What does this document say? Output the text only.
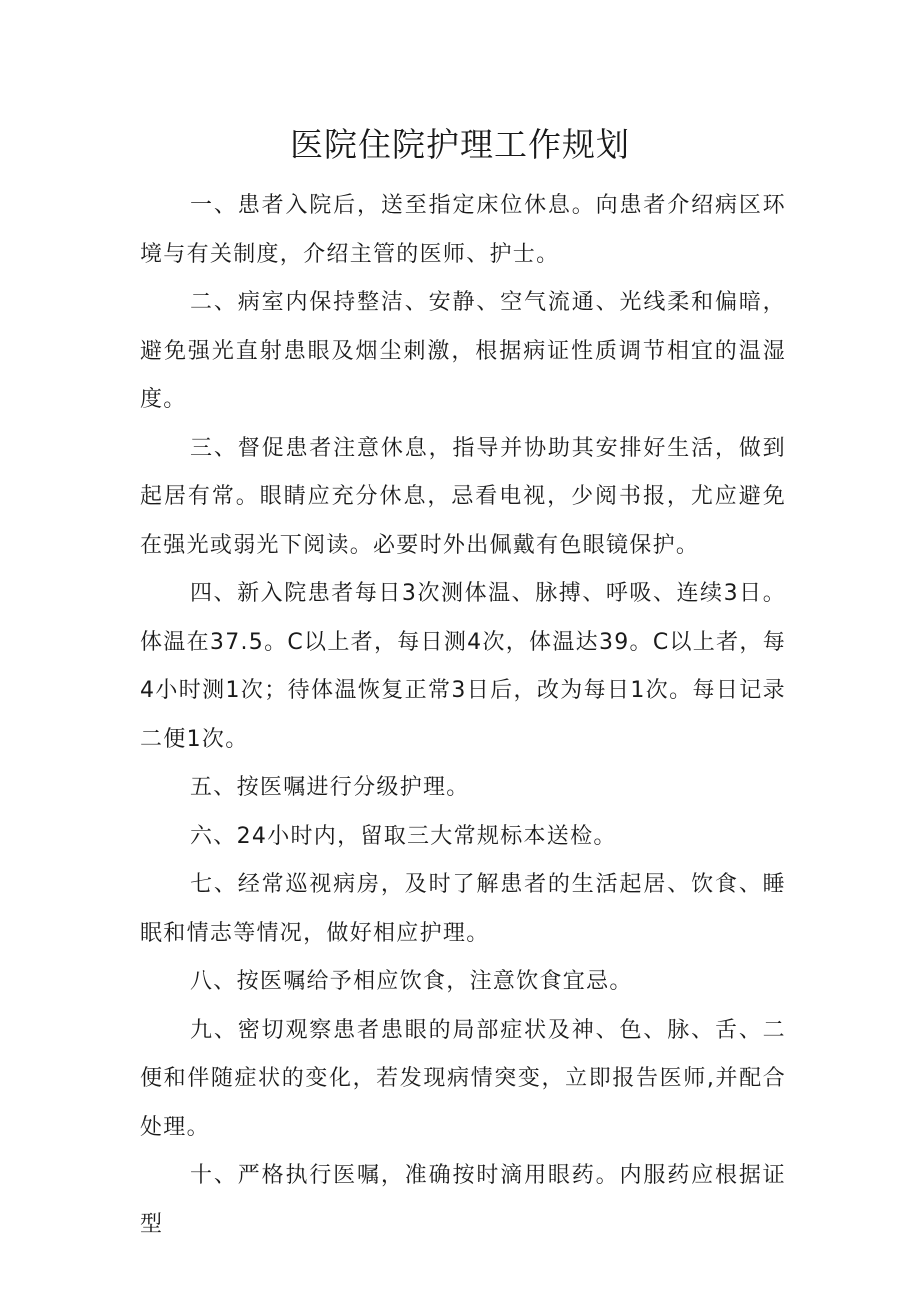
医院住院护理工作规划

一、患者入院后，送至指定床位休息。向患者介绍病区环境与有关制度，介绍主管的医师、护士。

二、病室内保持整洁、安静、空气流通、光线柔和偏暗，避免强光直射患眼及烟尘刺激，根据病证性质调节相宜的温湿度。

三、督促患者注意休息，指导并协助其安排好生活，做到起居有常。眼睛应充分休息，忌看电视，少阅书报，尤应避免在强光或弱光下阅读。必要时外出佩戴有色眼镜保护。

四、新入院患者每日3次测体温、脉搏、呼吸、连续3日。体温在37.5。C以上者，每日测4次，体温达39。C以上者，每4小时测1次；待体温恢复正常3日后，改为每日1次。每日记录二便1次。

五、按医嘱进行分级护理。

六、24小时内，留取三大常规标本送检。

七、经常巡视病房，及时了解患者的生活起居、饮食、睡眠和情志等情况，做好相应护理。

八、按医嘱给予相应饮食，注意饮食宜忌。

九、密切观察患者患眼的局部症状及神、色、脉、舌、二便和伴随症状的变化，若发现病情突变，立即报告医师,并配合处理。

十、严格执行医嘱，准确按时滴用眼药。内服药应根据证型
